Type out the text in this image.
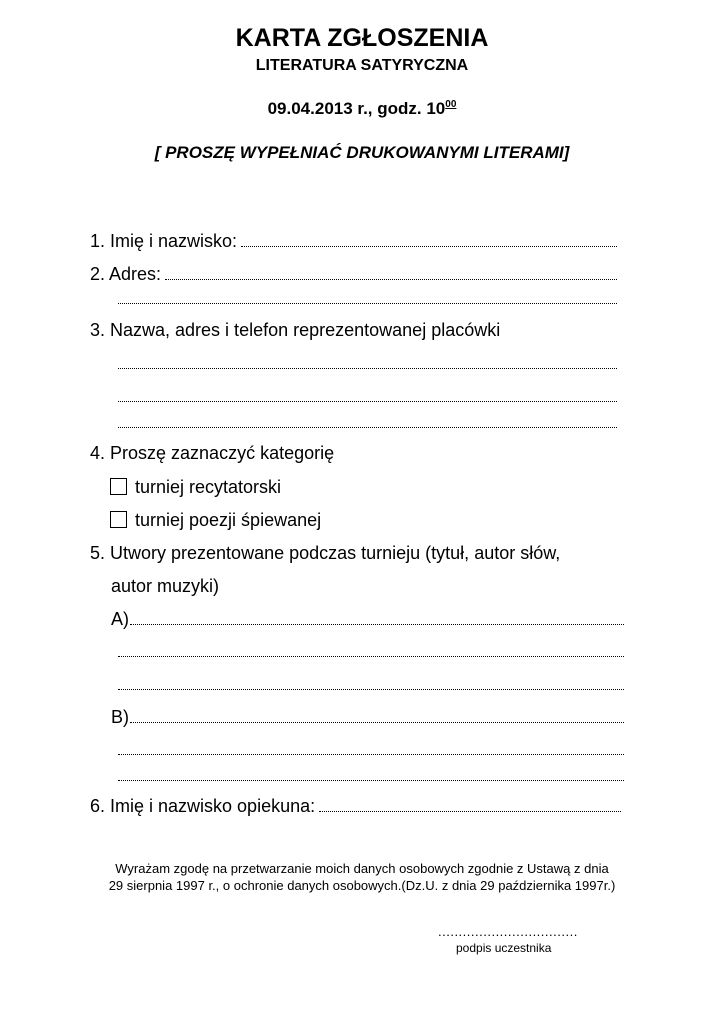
KARTA ZGŁOSZENIA
LITERATURA SATYRYCZNA
09.04.2013 r., godz. $10^{00}$
[ PROSZĘ WYPEŁNIAĆ DRUKOWANYMI LITERAMI]
1. Imię i nazwisko:
2. Adres:
3. Nazwa, adres i telefon reprezentowanej placówki
4. Proszę zaznaczyć kategorię
turniej recytatorski
turniej poezji śpiewanej
5. Utwory prezentowane podczas turnieju (tytuł, autor słów,
autor muzyki)
A)
B)
6. Imię i nazwisko opiekuna:
Wyrażam zgodę na przetwarzanie moich danych osobowych zgodnie z Ustawą z dnia
29 sierpnia 1997 r., o ochronie danych osobowych.(Dz.U. z dnia 29 października 1997r.)
..................................
podpis uczestnika
